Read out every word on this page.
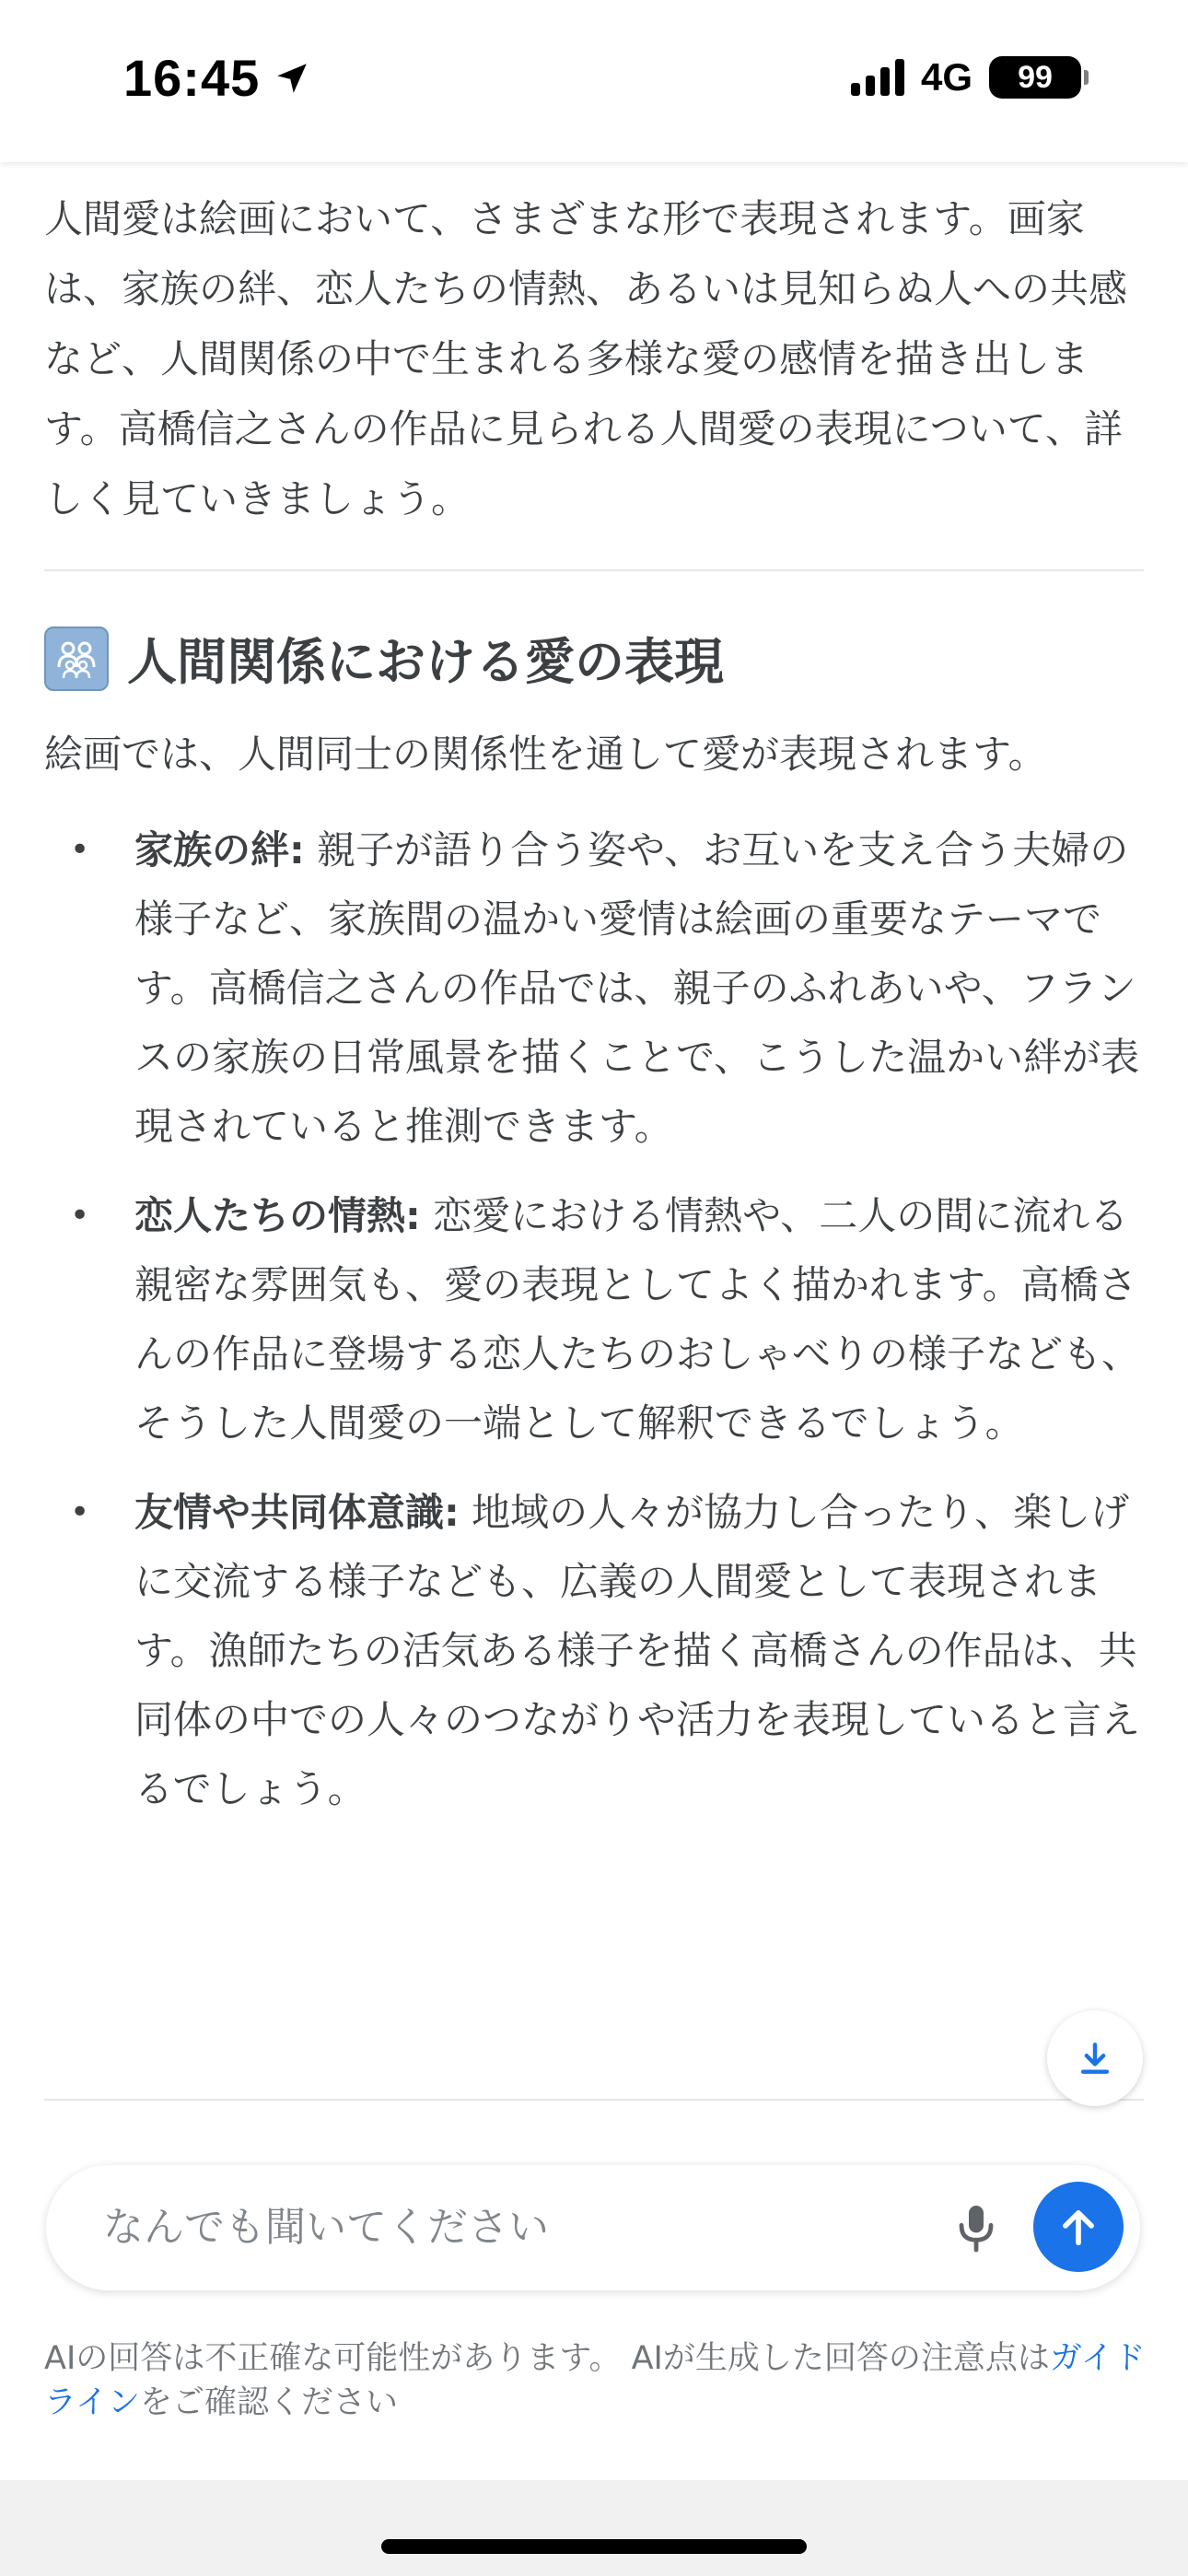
16:45	4G 99

人間愛は絵画において、さまざまな形で表現されます。画家は、家族の絆、恋人たちの情熱、あるいは見知らぬ人への共感など、人間関係の中で生まれる多様な愛の感情を描き出します。高橋信之さんの作品に見られる人間愛の表現について、詳しく見ていきましょう。

人間関係における愛の表現

絵画では、人間同士の関係性を通して愛が表現されます。

• 家族の絆: 親子が語り合う姿や、お互いを支え合う夫婦の様子など、家族間の温かい愛情は絵画の重要なテーマです。高橋信之さんの作品では、親子のふれあいや、フランスの家族の日常風景を描くことで、こうした温かい絆が表現されていると推測できます。
• 恋人たちの情熱: 恋愛における情熱や、二人の間に流れる親密な雰囲気も、愛の表現としてよく描かれます。高橋さんの作品に登場する恋人たちのおしゃべりの様子なども、そうした人間愛の一端として解釈できるでしょう。
• 友情や共同体意識: 地域の人々が協力し合ったり、楽しげに交流する様子なども、広義の人間愛として表現されます。漁師たちの活気ある様子を描く高橋さんの作品は、共同体の中での人々のつながりや活力を表現していると言えるでしょう。
なんでも聞いてください
AIの回答は不正確な可能性があります。 AIが生成した回答の注意点はガイドラインをご確認ください
